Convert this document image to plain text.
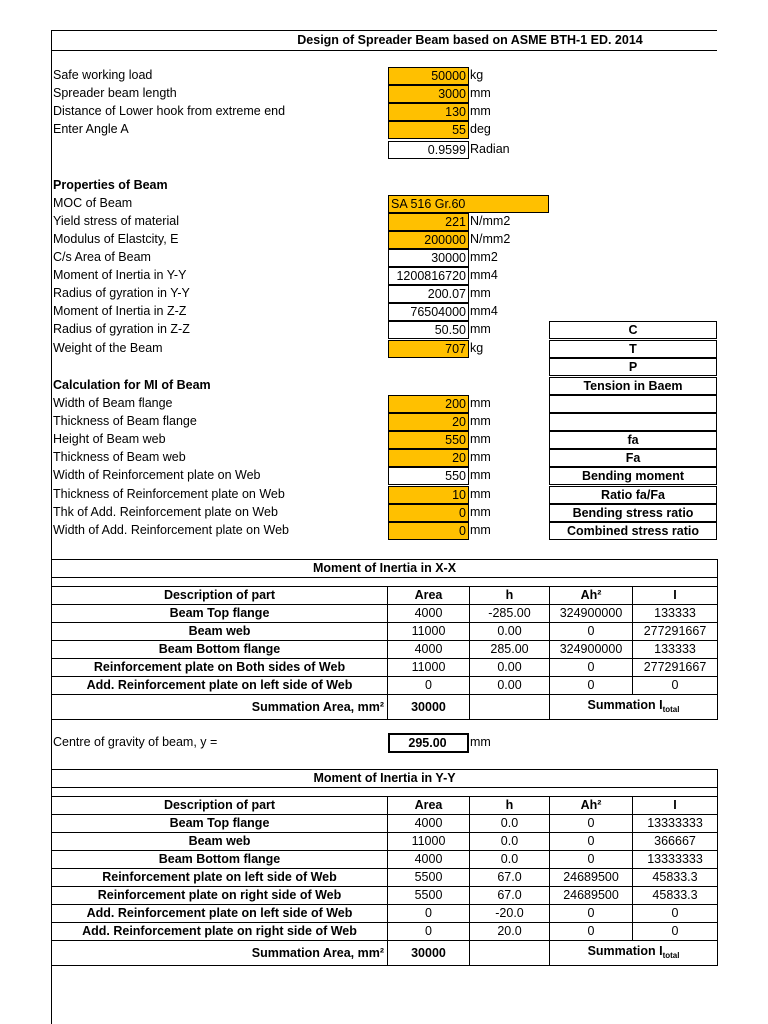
Design of Spreader Beam based on ASME BTH-1 ED. 2014
Safe working load	50000 kg
Spreader beam length	3000 mm
Distance of Lower hook from extreme end	130 mm
Enter Angle A	55 deg
0.9599 Radian
Properties of Beam
MOC of Beam	SA 516 Gr.60
Yield stress of material	221 N/mm2
Modulus of Elastcity, E	200000 N/mm2
C/s Area of Beam	30000 mm2
Moment of Inertia in Y-Y	1200816720 mm4
Radius of gyration in Y-Y	200.07 mm
Moment of Inertia in Z-Z	76504000 mm4
Radius of gyration in Z-Z	50.50 mm
Weight of the Beam	707 kg
Calculation for MI of Beam
Width of Beam flange	200 mm
Thickness of Beam flange	20 mm
Height of Beam web	550 mm
Thickness of Beam web	20 mm
Width of Reinforcement plate on Web	550 mm
Thickness of Reinforcement plate on Web	10 mm
Thk of Add. Reinforcement plate on Web	0 mm
Width of Add. Reinforcement plate on Web	0 mm
C
T
P
Tension in Baem
fa
Fa
Bending moment
Ratio fa/Fa
Bending stress ratio
Combined stress ratio
Moment of Inertia in X-X				

Description of part	Area	h	Ah²	I
Beam Top flange	4000	-285.00	324900000	133333
Beam web	11000	0.00	0	277291667
Beam Bottom flange	4000	285.00	324900000	133333
Reinforcement plate on Both sides of Web	11000	0.00	0	277291667
Add. Reinforcement plate on left side of Web	0	0.00	0	0
Summation Area, mm²	30000		Summation $I_{total}$
Centre of gravity of beam, y =	295.00	mm
Moment of Inertia in Y-Y				

Description of part	Area	h	Ah²	I
Beam Top flange	4000	0.0	0	13333333
Beam web	11000	0.0	0	366667
Beam Bottom flange	4000	0.0	0	13333333
Reinforcement plate on left side of Web	5500	67.0	24689500	45833.3
Reinforcement plate on right side of Web	5500	67.0	24689500	45833.3
Add. Reinforcement plate on left side of Web	0	-20.0	0	0
Add. Reinforcement plate on right side of Web	0	20.0	0	0
Summation Area, mm²	30000		Summation $I_{total}$
